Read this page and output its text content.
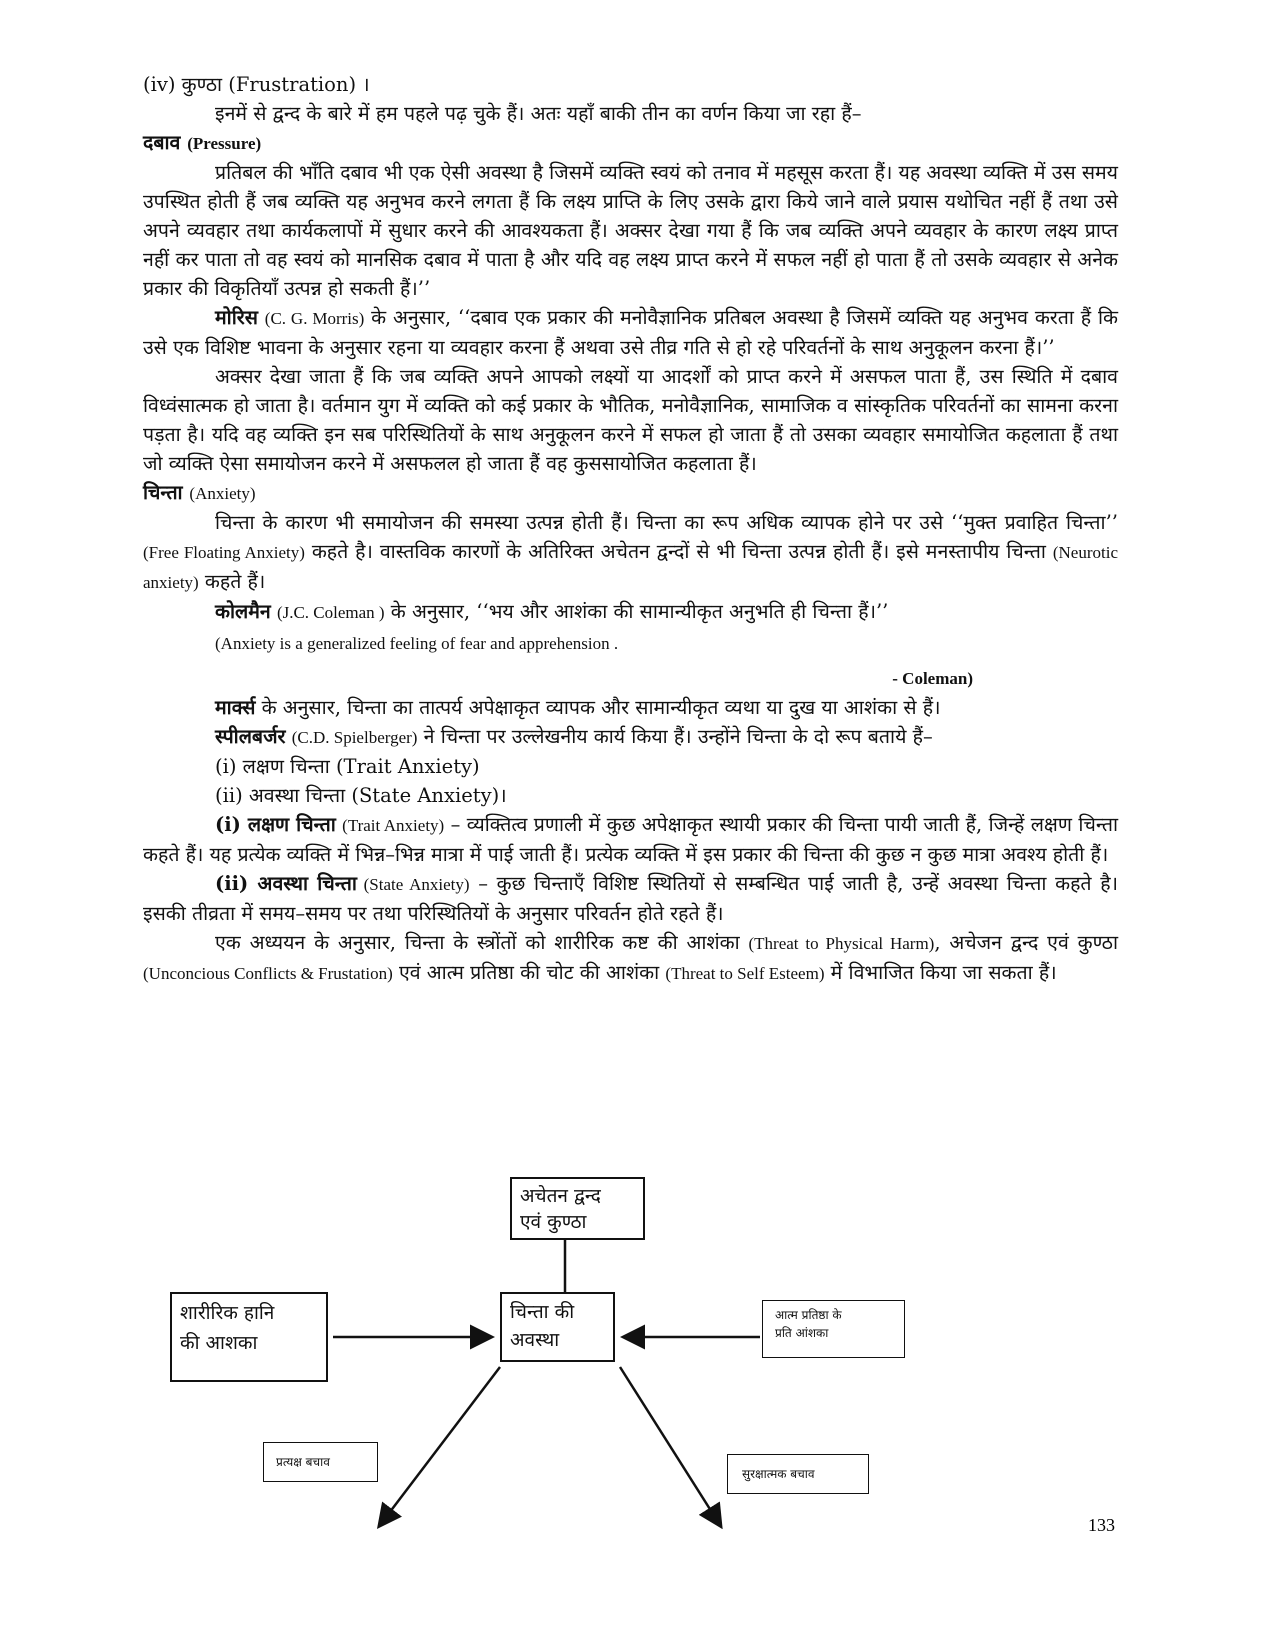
(iv) कुण्ठा (Frustration) ।

इनमें से द्वन्द के बारे में हम पहले पढ़ चुके हैं। अतः यहाँ बाकी तीन का वर्णन किया जा रहा हैं–

दबाव (Pressure)

प्रतिबल की भाँति दबाव भी एक ऐसी अवस्था है जिसमें व्यक्ति स्वयं को तनाव में महसूस करता हैं। यह अवस्था व्यक्ति में उस समय उपस्थित होती हैं जब व्यक्ति यह अनुभव करने लगता हैं कि लक्ष्य प्राप्ति के लिए उसके द्वारा किये जाने वाले प्रयास यथोचित नहीं हैं तथा उसे अपने व्यवहार तथा कार्यकलापों में सुधार करने की आवश्यकता हैं। अक्सर देखा गया हैं कि जब व्यक्ति अपने व्यवहार के कारण लक्ष्य प्राप्त नहीं कर पाता तो वह स्वयं को मानसिक दबाव में पाता है और यदि वह लक्ष्य प्राप्त करने में सफल नहीं हो पाता हैं तो उसके व्यवहार से अनेक प्रकार की विकृतियाँ उत्पन्न हो सकती हैं।’’

मोरिस (C. G. Morris) के अनुसार, ‘‘दबाव एक प्रकार की मनोवैज्ञानिक प्रतिबल अवस्था है जिसमें व्यक्ति यह अनुभव करता हैं कि उसे एक विशिष्ट भावना के अनुसार रहना या व्यवहार करना हैं अथवा उसे तीव्र गति से हो रहे परिवर्तनों के साथ अनुकूलन करना हैं।’’

अक्सर देखा जाता हैं कि जब व्यक्ति अपने आपको लक्ष्यों या आदर्शों को प्राप्त करने में असफल पाता हैं, उस स्थिति में दबाव विध्वंसात्मक हो जाता है। वर्तमान युग में व्यक्ति को कई प्रकार के भौतिक, मनोवैज्ञानिक, सामाजिक व सांस्कृतिक परिवर्तनों का सामना करना पड़ता है। यदि वह व्यक्ति इन सब परिस्थितियों के साथ अनुकूलन करने में सफल हो जाता हैं तो उसका व्यवहार समायोजित कहलाता हैं तथा जो व्यक्ति ऐसा समायोजन करने में असफलल हो जाता हैं वह कुससायोजित कहलाता हैं।

चिन्ता (Anxiety)

चिन्ता के कारण भी समायोजन की समस्या उत्पन्न होती हैं। चिन्ता का रूप अधिक व्यापक होने पर उसे ‘‘मुक्त प्रवाहित चिन्ता’’ (Free Floating Anxiety) कहते है। वास्तविक कारणों के अतिरिक्त अचेतन द्वन्दों से भी चिन्ता उत्पन्न होती हैं। इसे मनस्तापीय चिन्ता (Neurotic anxiety) कहते हैं।

कोलमैन (J.C. Coleman ) के अनुसार, ‘‘भय और आशंका की सामान्यीकृत अनुभति ही चिन्ता हैं।’’

(Anxiety is a generalized feeling of fear and apprehension .

- Coleman)

मार्क्स के अनुसार, चिन्ता का तात्पर्य अपेक्षाकृत व्यापक और सामान्यीकृत व्यथा या दुख या आशंका से हैं।

स्पीलबर्जर (C.D. Spielberger) ने चिन्ता पर उल्लेखनीय कार्य किया हैं। उन्होंने चिन्ता के दो रूप बताये हैं–

(i) लक्षण चिन्ता (Trait Anxiety)

(ii) अवस्था चिन्ता (State Anxiety)।

(i) लक्षण चिन्ता (Trait Anxiety) – व्यक्तित्व प्रणाली में कुछ अपेक्षाकृत स्थायी प्रकार की चिन्ता पायी जाती हैं, जिन्हें लक्षण चिन्ता कहते हैं। यह प्रत्येक व्यक्ति में भिन्न–भिन्न मात्रा में पाई जाती हैं। प्रत्येक व्यक्ति में इस प्रकार की चिन्ता की कुछ न कुछ मात्रा अवश्य होती हैं।

(ii) अवस्था चिन्ता (State Anxiety) – कुछ चिन्ताएँ विशिष्ट स्थितियों से सम्बन्धित पाई जाती है, उन्हें अवस्था चिन्ता कहते है। इसकी तीव्रता में समय–समय पर तथा परिस्थितियों के अनुसार परिवर्तन होते रहते हैं।

एक अध्ययन के अनुसार, चिन्ता के स्त्रोंतों को शारीरिक कष्ट की आशंका (Threat to Physical Harm), अचेजन द्वन्द एवं कुण्ठा (Unconcious Conflicts & Frustation) एवं आत्म प्रतिष्ठा की चोट की आशंका (Threat to Self Esteem) में विभाजित किया जा सकता हैं।

अचेतन द्वन्द
एवं कुण्ठा
शारीरिक हानि
की आशका
चिन्ता की
अवस्था
आत्म प्रतिष्ठा के
प्रति आंशका
प्रत्यक्ष बचाव
सुरक्षात्मक बचाव
133
